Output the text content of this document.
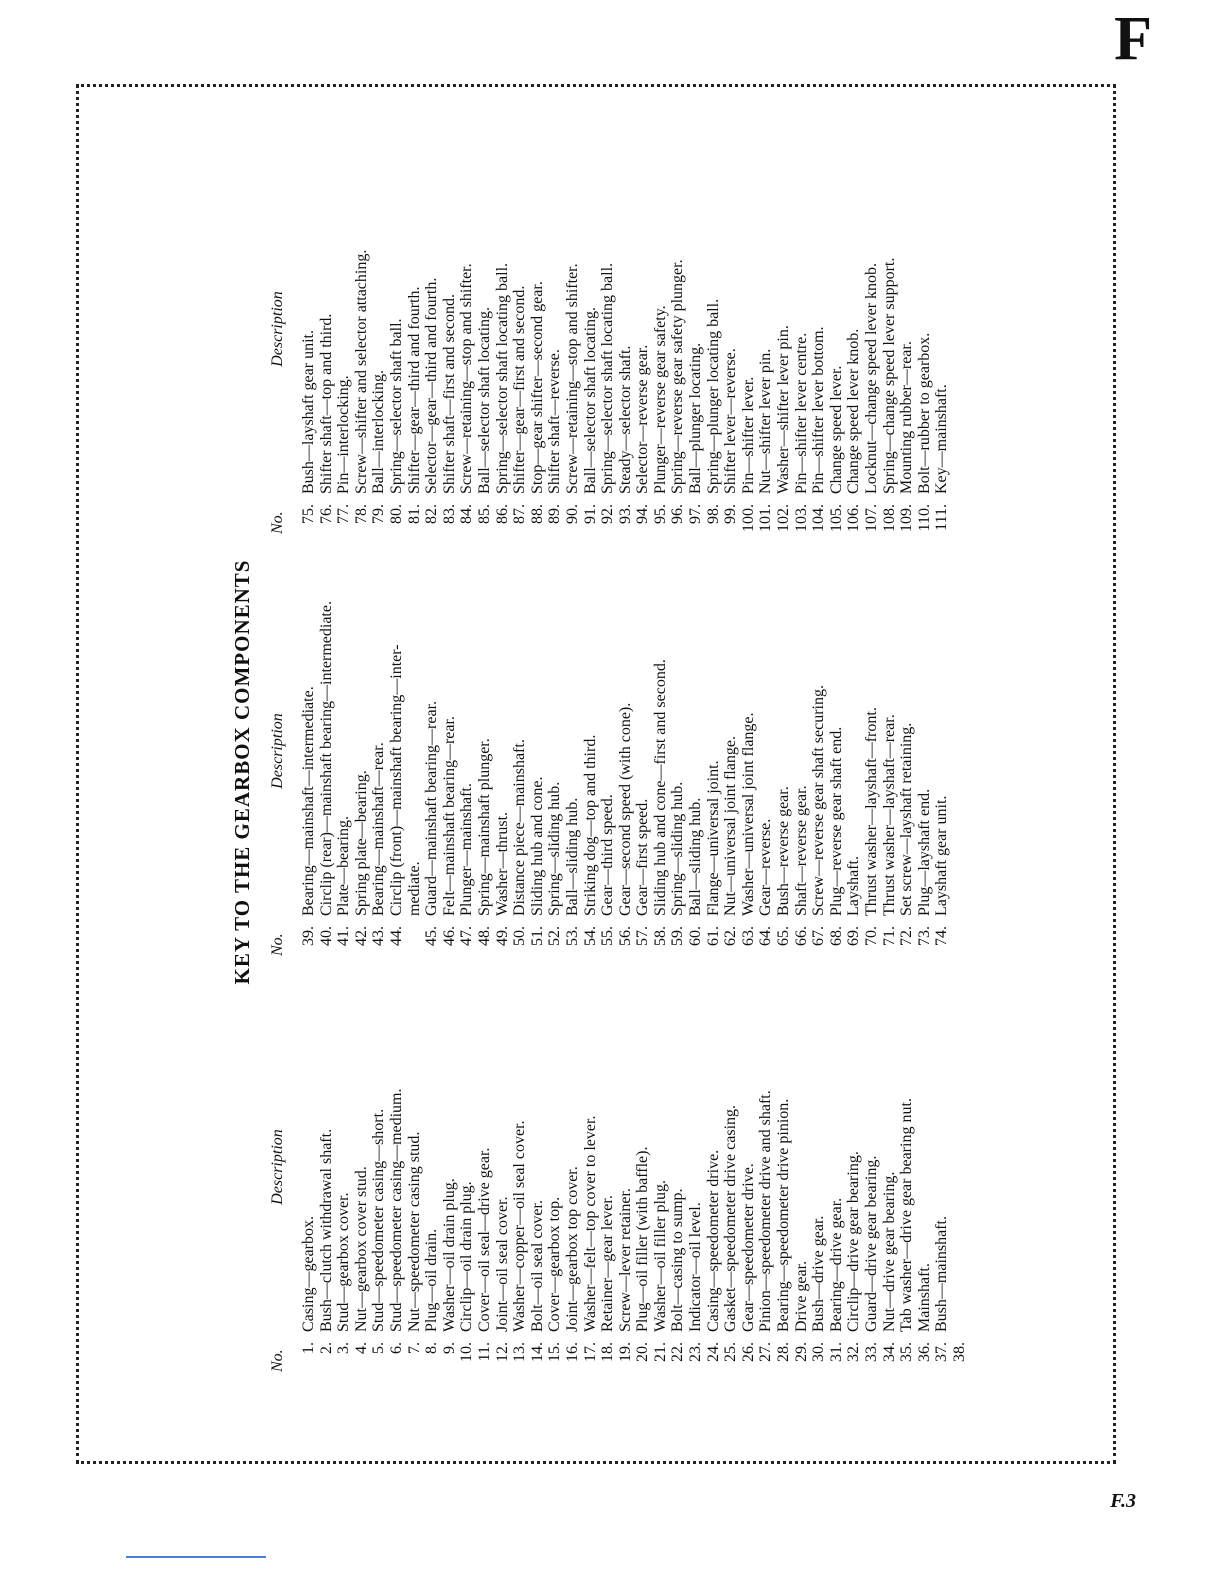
F
KEY TO THE GEARBOX COMPONENTS
No.
Description
1.
Casing—gearbox.
2.
Bush—clutch withdrawal shaft.
3.
Stud—gearbox cover.
4.
Nut—gearbox cover stud.
5.
Stud—speedometer casing—short.
6.
Stud—speedometer casing—medium.
7.
Nut—speedometer casing stud.
8.
Plug—oil drain.
9.
Washer—oil drain plug.
10.
Circlip—oil drain plug.
11.
Cover—oil seal—drive gear.
12.
Joint—oil seal cover.
13.
Washer—copper—oil seal cover.
14.
Bolt—oil seal cover.
15.
Cover—gearbox top.
16.
Joint—gearbox top cover.
17.
Washer—felt—top cover to lever.
18.
Retainer—gear lever.
19.
Screw—lever retainer.
20.
Plug—oil filler (with baffle).
21.
Washer—oil filler plug.
22.
Bolt—casing to sump.
23.
Indicator—oil level.
24.
Casing—speedometer drive.
25.
Gasket—speedometer drive casing.
26.
Gear—speedometer drive.
27.
Pinion—speedometer drive and shaft.
28.
Bearing—speedometer drive pinion.
29.
Drive gear.
30.
Bush—drive gear.
31.
Bearing—drive gear.
32.
Circlip—drive gear bearing.
33.
Guard—drive gear bearing.
34.
Nut—drive gear bearing.
35.
Tab washer—drive gear bearing nut.
36.
Mainshaft.
37.
Bush—mainshaft.
38.
No.
Description
39.
Bearing—mainshaft—intermediate.
40.
Circlip (rear)—mainshaft bearing—intermediate.
41.
Plate—bearing.
42.
Spring plate—bearing.
43.
Bearing—mainshaft—rear.
44.
Circlip (front)—mainshaft bearing—inter- mediate.
45.
Guard—mainshaft bearing—rear.
46.
Felt—mainshaft bearing—rear.
47.
Plunger—mainshaft.
48.
Spring—mainshaft plunger.
49.
Washer—thrust.
50.
Distance piece—mainshaft.
51.
Sliding hub and cone.
52.
Spring—sliding hub.
53.
Ball—sliding hub.
54.
Striking dog—top and third.
55.
Gear—third speed.
56.
Gear—second speed (with cone).
57.
Gear—first speed.
58.
Sliding hub and cone—first and second.
59.
Spring—sliding hub.
60.
Ball—sliding hub.
61.
Flange—universal joint.
62.
Nut—universal joint flange.
63.
Washer—universal joint flange.
64.
Gear—reverse.
65.
Bush—reverse gear.
66.
Shaft—reverse gear.
67.
Screw—reverse gear shaft securing.
68.
Plug—reverse gear shaft end.
69.
Layshaft.
70.
Thrust washer—layshaft—front.
71.
Thrust washer—layshaft—rear.
72.
Set screw—layshaft retaining.
73.
Plug—layshaft end.
74.
Layshaft gear unit.
No.
Description
75.
Bush—layshaft gear unit.
76.
Shifter shaft—top and third.
77.
Pin—interlocking.
78.
Screw—shifter and selector attaching.
79.
Ball—interlocking.
80.
Spring—selector shaft ball.
81.
Shifter—gear—third and fourth.
82.
Selector—gear—third and fourth.
83.
Shifter shaft—first and second.
84.
Screw—retaining—stop and shifter.
85.
Ball—selector shaft locating.
86.
Spring—selector shaft locating ball.
87.
Shifter—gear—first and second.
88.
Stop—gear shifter—second gear.
89.
Shifter shaft—reverse.
90.
Screw—retaining—stop and shifter.
91.
Ball—selector shaft locating.
92.
Spring—selector shaft locating ball.
93.
Steady—selector shaft.
94.
Selector—reverse gear.
95.
Plunger—reverse gear safety.
96.
Spring—reverse gear safety plunger.
97.
Ball—plunger locating.
98.
Spring—plunger locating ball.
99.
Shifter lever—reverse.
100.
Pin—shifter lever.
101.
Nut—shifter lever pin.
102.
Washer—shifter lever pin.
103.
Pin—shifter lever centre.
104.
Pin—shifter lever bottom.
105.
Change speed lever.
106.
Change speed lever knob.
107.
Locknut—change speed lever knob.
108.
Spring—change speed lever support.
109.
Mounting rubber—rear.
110.
Bolt—rubber to gearbox.
111.
Key—mainshaft.
F.3
